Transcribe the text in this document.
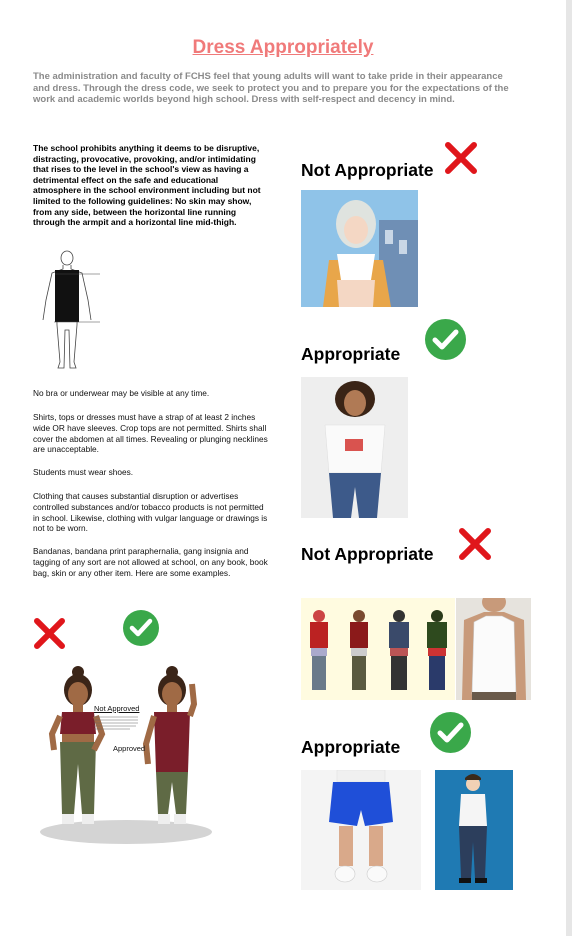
Dress Appropriately
The administration and faculty of FCHS feel that young adults will want to take pride in their appearance and dress. Through the dress code, we seek to protect you and to prepare you for the expectations of the work and academic worlds beyond high school. Dress with self-respect and decency in mind.
The school prohibits anything it deems to be disruptive, distracting, provocative, provoking, and/or intimidating that rises to the level in the school's view as having a detrimental effect on the safe and educational atmosphere in the school environment including but not limited to the following guidelines: No skin may show, from any side, between the horizontal line running through the armpit and a horizontal line mid-thigh.
No bra or underwear may be visible at any time.
Shirts, tops or dresses must have a strap of at least 2 inches wide OR have sleeves. Crop tops are not permitted. Shirts shall cover the abdomen at all times. Revealing or plunging necklines are unacceptable.
Students must wear shoes.
Clothing that causes substantial disruption or advertises controlled substances and/or tobacco products is not permitted in school. Likewise, clothing with vulgar language or drawings is not to be worn.
Bandanas, bandana print paraphernalia, gang insignia and tagging of any sort are not allowed at school, on any book, book bag, skin or any other item. Here are some examples.
Not Approved
Approved
Not Appropriate
Appropriate
Not Appropriate
Appropriate
